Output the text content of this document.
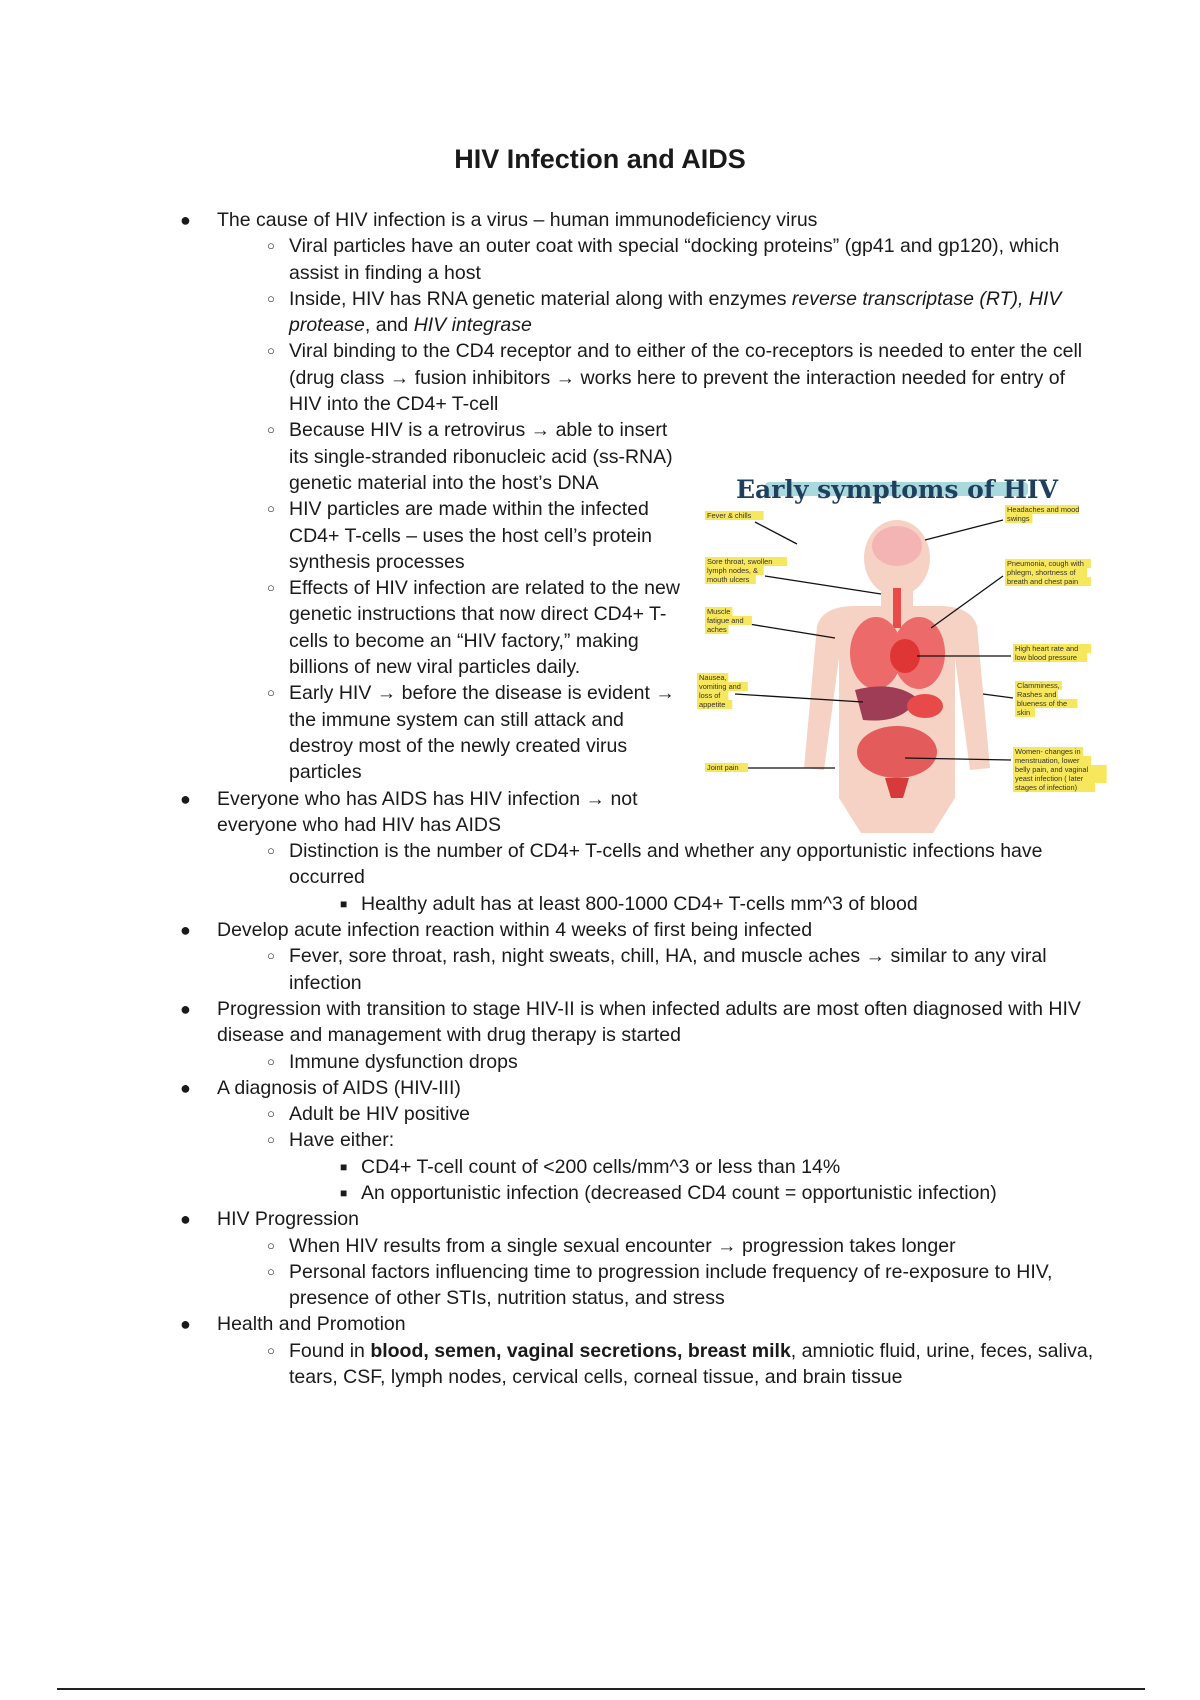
HIV Infection and AIDS
● The cause of HIV infection is a virus – human immunodeficiency virus
○ Viral particles have an outer coat with special “docking proteins” (gp41 and gp120), which assist in finding a host
○ Inside, HIV has RNA genetic material along with enzymes reverse transcriptase (RT), HIV protease, and HIV integrase
○ Viral binding to the CD4 receptor and to either of the co-receptors is needed to enter the cell (drug class → fusion inhibitors → works here to prevent the interaction needed for entry of HIV into the CD4+ T-cell
○ Because HIV is a retrovirus → able to insert its single-stranded ribonucleic acid (ss-RNA) genetic material into the host’s DNA
○ HIV particles are made within the infected CD4+ T-cells – uses the host cell’s protein synthesis processes
○ Effects of HIV infection are related to the new genetic instructions that now direct CD4+ T-cells to become an “HIV factory,” making billions of new viral particles daily.
○ Early HIV → before the disease is evident → the immune system can still attack and destroy most of the newly created virus particles
● Everyone who has AIDS has HIV infection → not everyone who had HIV has AIDS
○ Distinction is the number of CD4+ T-cells and whether any opportunistic infections have occurred
■ Healthy adult has at least 800-1000 CD4+ T-cells mm^3 of blood
● Develop acute infection reaction within 4 weeks of first being infected
○ Fever, sore throat, rash, night sweats, chill, HA, and muscle aches → similar to any viral infection
● Progression with transition to stage HIV-II is when infected adults are most often diagnosed with HIV disease and management with drug therapy is started
○ Immune dysfunction drops
● A diagnosis of AIDS (HIV-III)
○ Adult be HIV positive
○ Have either:
■ CD4+ T-cell count of <200 cells/mm^3 or less than 14%
■ An opportunistic infection (decreased CD4 count = opportunistic infection)
● HIV Progression
○ When HIV results from a single sexual encounter → progression takes longer
○ Personal factors influencing time to progression include frequency of re-exposure to HIV, presence of other STIs, nutrition status, and stress
● Health and Promotion
○ Found in blood, semen, vaginal secretions, breast milk, amniotic fluid, urine, feces, saliva, tears, CSF, lymph nodes, cervical cells, corneal tissue, and brain tissue
Early symptoms of HIV
Fever & chills
Headaches and mood
swings
Sore throat, swollen
lymph nodes, &
mouth ulcers
Pneumonia, cough with
phlegm, shortness of
breath and chest pain
Muscle
fatigue and
aches
High heart rate and
low blood pressure
Nausea,
vomiting and
loss of
appetite
Clamminess,
Rashes and
blueness of the
skin
Joint pain
Women- changes in
menstruation, lower
belly pain, and vaginal
yeast infection ( later
stages of infection)
